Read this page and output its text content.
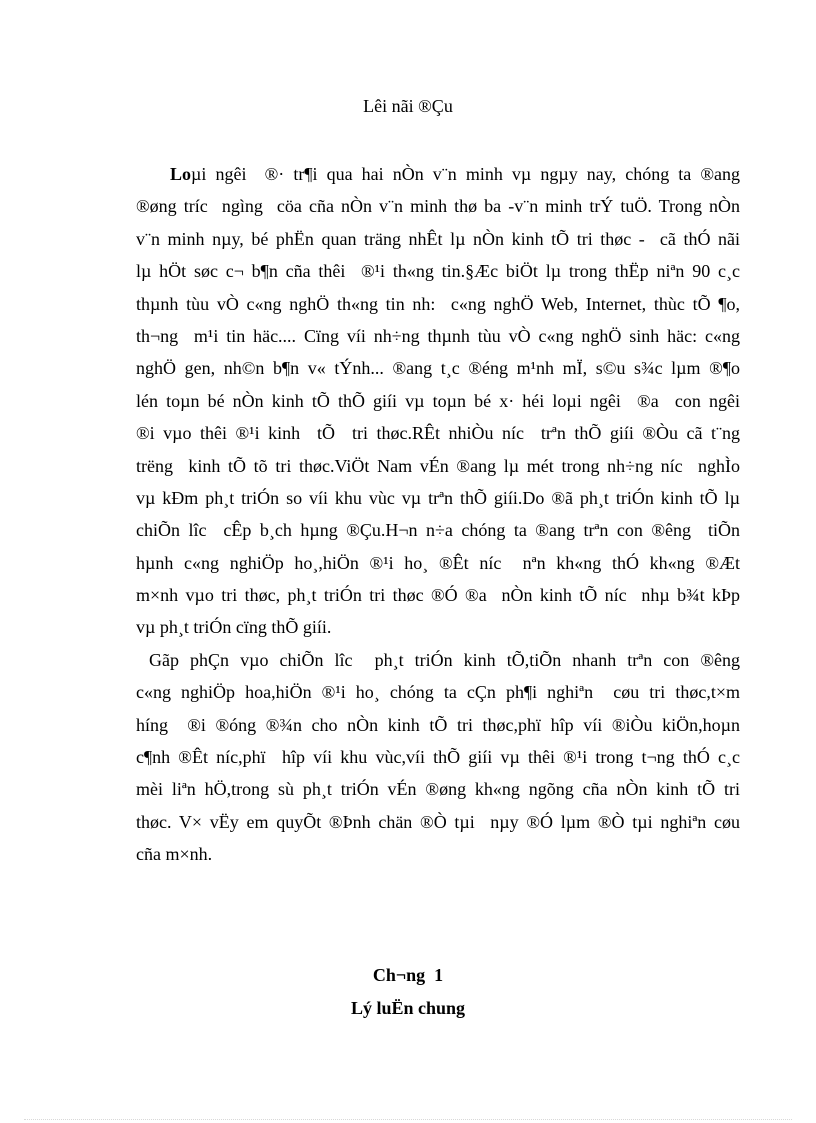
Lêi nãi ®Çu
Loµi ngêi  ®· tr¶i qua hai nÒn v¨n minh vµ ngµy nay, chóng ta ®ang
®øng tríc  ngìng  cöa cña nÒn v¨n minh thø ba -v¨n minh trÝ tuÖ. Trong nÒn
v¨n minh nµy, bé phËn quan träng nhÊt lµ nÒn kinh tÕ tri thøc -  cã thÓ nãi
lµ hÖt søc c¬ b¶n cña thêi  ®¹i th«ng tin.§Æc biÖt lµ trong thËp niªn 90 c¸c
thµnh tùu vÒ c«ng nghÖ th«ng tin nh:  c«ng nghÖ Web, Internet, thùc tÕ ¶o,
th¬ng  m¹i tin häc.... Cïng víi nh÷ng thµnh tùu vÒ c«ng nghÖ sinh häc: c«ng
nghÖ gen, nh©n b¶n v« tÝnh... ®ang t¸c ®éng m¹nh mÏ, s©u s¾c lµm ®¶o
lén toµn bé nÒn kinh tÕ thÕ giíi vµ toµn bé x· héi loµi ngêi  ®a  con ngêi
®i vµo thêi ®¹i kinh  tÕ  tri thøc.RÊt nhiÒu níc  trªn thÕ giíi ®Òu cã t¨ng
trëng  kinh tÕ tõ tri thøc.ViÖt Nam vÉn ®ang lµ mét trong nh÷ng níc  nghÌo
vµ kÐm ph¸t triÓn so víi khu vùc vµ trªn thÕ giíi.Do ®ã ph¸t triÓn kinh tÕ lµ
chiÕn lîc  cÊp b¸ch hµng ®Çu.H¬n n÷a chóng ta ®ang trªn con ®êng  tiÕn
hµnh c«ng nghiÖp ho¸,hiÖn ®¹i ho¸ ®Êt níc  nªn kh«ng thÓ kh«ng ®Æt
m×nh vµo tri thøc, ph¸t triÓn tri thøc ®Ó ®a  nÒn kinh tÕ níc  nhµ b¾t kÞp
vµ ph¸t triÓn cïng thÕ giíi.
Gãp phÇn vµo chiÕn lîc  ph¸t triÓn kinh tÕ,tiÕn nhanh trªn con ®êng
c«ng nghiÖp hoa,hiÖn ®¹i ho¸ chóng ta cÇn ph¶i nghiªn  cøu tri thøc,t×m
híng  ®i ®óng ®¾n cho nÒn kinh tÕ tri thøc,phï hîp víi ®iÒu kiÖn,hoµn
c¶nh ®Êt níc,phï  hîp víi khu vùc,víi thÕ giíi vµ thêi ®¹i trong t¬ng thÓ c¸c
mèi liªn hÖ,trong sù ph¸t triÓn vÉn ®øng kh«ng ngõng cña nÒn kinh tÕ tri
thøc. V× vËy em quyÕt ®Þnh chän ®Ò tµi  nµy ®Ó lµm ®Ò tµi nghiªn cøu
cña m×nh.
Ch¬ng  1
Lý luËn chung
